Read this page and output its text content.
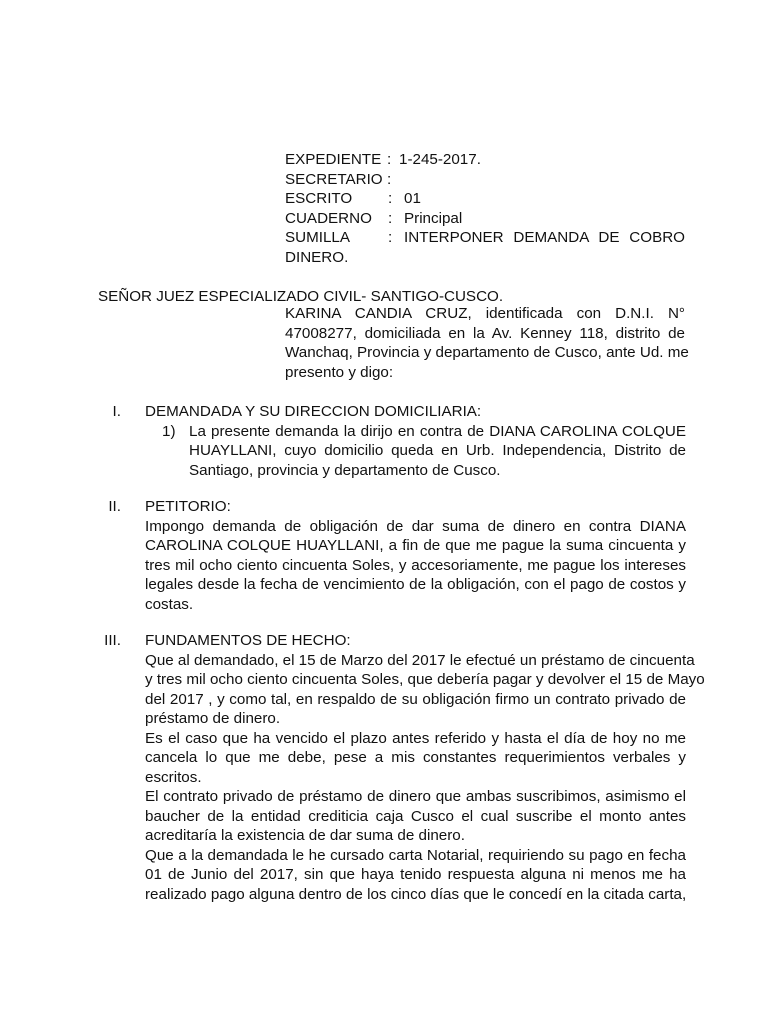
EXPEDIENTE : 1-245-2017.
SECRETARIO :
ESCRITO	: 01
CUADERNO	: Principal
SUMILLA	: INTERPONER DEMANDA DE COBRO
DINERO.
SEÑOR JUEZ ESPECIALIZADO CIVIL- SANTIGO-CUSCO.
KARINA CANDIA CRUZ, identificada con D.N.I. N°
47008277, domiciliada en la Av. Kenney 118, distrito de
Wanchaq, Provincia y departamento de Cusco, ante Ud. me
presento y digo:
I. DEMANDADA Y SU DIRECCION DOMICILIARIA:
1) La presente demanda la dirijo en contra de DIANA CAROLINA COLQUE
HUAYLLANI, cuyo domicilio queda en Urb. Independencia, Distrito de
Santiago, provincia y departamento de Cusco.
II. PETITORIO:
Impongo demanda de obligación de dar suma de dinero en contra DIANA
CAROLINA COLQUE HUAYLLANI, a fin de que me pague la suma cincuenta y
tres mil ocho ciento cincuenta Soles, y accesoriamente, me pague los intereses
legales desde la fecha de vencimiento de la obligación, con el pago de costos y
costas.
III. FUNDAMENTOS DE HECHO:
Que al demandado, el 15 de Marzo del 2017 le efectué un préstamo de cincuenta
y tres mil ocho ciento cincuenta Soles, que debería pagar y devolver el 15 de Mayo
del 2017 , y como tal, en respaldo de su obligación firmo un contrato privado de
préstamo de dinero.
Es el caso que ha vencido el plazo antes referido y hasta el día de hoy no me
cancela lo que me debe, pese a mis constantes requerimientos verbales y
escritos.
El contrato privado de préstamo de dinero que ambas suscribimos, asimismo el
baucher de la entidad crediticia caja Cusco el cual suscribe el monto antes
acreditaría la existencia de dar suma de dinero.
Que a la demandada le he cursado carta Notarial, requiriendo su pago en fecha
01 de Junio del 2017, sin que haya tenido respuesta alguna ni menos me ha
realizado pago alguna dentro de los cinco días que le concedí en la citada carta,
